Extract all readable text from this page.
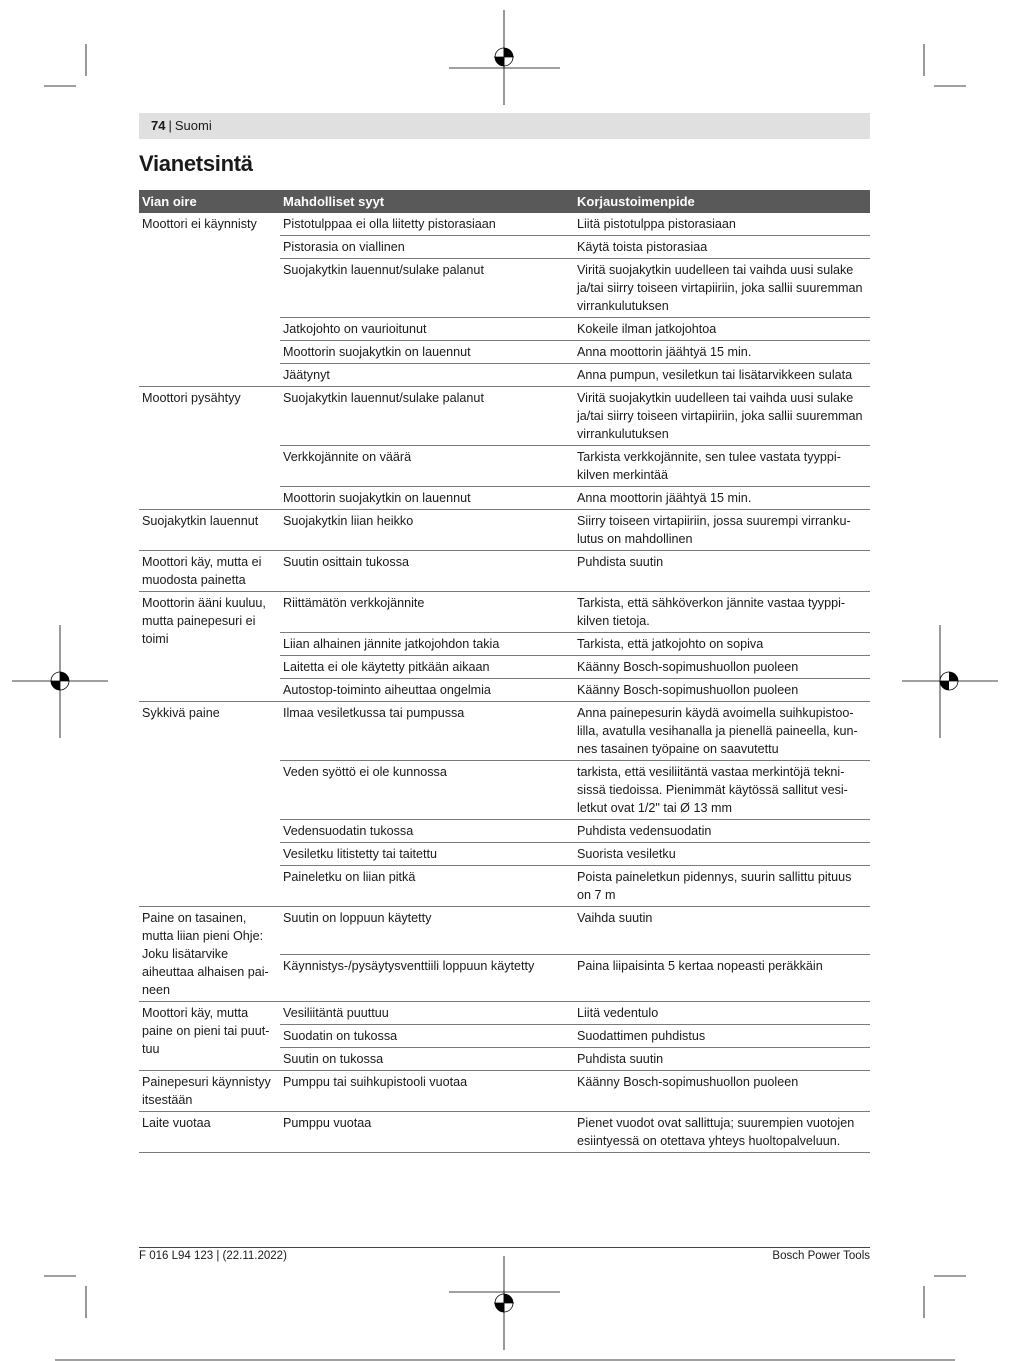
74 | Suomi
Vianetsintä
Vian oire	Mahdolliset syyt	Korjaustoimenpide
Moottori ei käynnisty	Pistotulppaa ei olla liitetty pistorasiaan	Liitä pistotulppa pistorasiaan
	Pistorasia on viallinen	Käytä toista pistorasiaa
	Suojakytkin lauennut/sulake palanut	Viritä suojakytkin uudelleen tai vaihda uusi sulake ja/tai siirry toiseen virtapiiriin, joka sallii suuremman virrankulutuksen
	Jatkojohto on vaurioitunut	Kokeile ilman jatkojohtoa
	Moottorin suojakytkin on lauennut	Anna moottorin jäähtyä 15 min.
	Jäätynyt	Anna pumpun, vesiletkun tai lisätarvikkeen sulata
Moottori pysähtyy	Suojakytkin lauennut/sulake palanut	Viritä suojakytkin uudelleen tai vaihda uusi sulake ja/tai siirry toiseen virtapiiriin, joka sallii suuremman virrankulutuksen
	Verkkojännite on väärä	Tarkista verkkojännite, sen tulee vastata tyyppikilven merkintää
	Moottorin suojakytkin on lauennut	Anna moottorin jäähtyä 15 min.
Suojakytkin lauennut	Suojakytkin liian heikko	Siirry toiseen virtapiiriin, jossa suurempi virrankulutus on mahdollinen
Moottori käy, mutta ei muodosta painetta	Suutin osittain tukossa	Puhdista suutin
Moottorin ääni kuuluu, mutta painepesuri ei toimi	Riittämätön verkkojännite	Tarkista, että sähköverkon jännite vastaa tyyppikilven tietoja.
	Liian alhainen jännite jatkojohdon takia	Tarkista, että jatkojohto on sopiva
	Laitetta ei ole käytetty pitkään aikaan	Käänny Bosch-sopimushuollon puoleen
	Autostop-toiminto aiheuttaa ongelmia	Käänny Bosch-sopimushuollon puoleen
Sykkivä paine	Ilmaa vesiletkussa tai pumpussa	Anna painepesurin käydä avoimella suihkupistoolilla, avatulla vesihanalla ja pienellä paineella, kunnes tasainen työpaine on saavutettu
	Veden syöttö ei ole kunnossa	tarkista, että vesiliitäntä vastaa merkintöjä teknisissä tiedoissa. Pienimmät käytössä sallitut vesiletkut ovat 1/2" tai Ø 13 mm
	Vedensuodatin tukossa	Puhdista vedensuodatin
	Vesiletku litistetty tai taitettu	Suorista vesiletku
	Paineletku on liian pitkä	Poista paineletkun pidennys, suurin sallittu pituus on 7 m
Paine on tasainen, mutta liian pieni Ohje: Joku lisätarvike aiheuttaa alhaisen paineen	Suutin on loppuun käytetty	Vaihda suutin
	Käynnistys-/pysäytysventtiili loppuun käytetty	Paina liipaisinta 5 kertaa nopeasti peräkkäin
Moottori käy, mutta paine on pieni tai puuttuu	Vesiliitäntä puuttuu	Liitä vedentulo
	Suodatin on tukossa	Suodattimen puhdistus
	Suutin on tukossa	Puhdista suutin
Painepesuri käynnistyy itsestään	Pumppu tai suihkupistooli vuotaa	Käänny Bosch-sopimushuollon puoleen
Laite vuotaa	Pumppu vuotaa	Pienet vuodot ovat sallittuja; suurempien vuotojen esiintyessä on otettava yhteys huoltopalveluun.
F 016 L94 123 | (22.11.2022)	Bosch Power Tools
